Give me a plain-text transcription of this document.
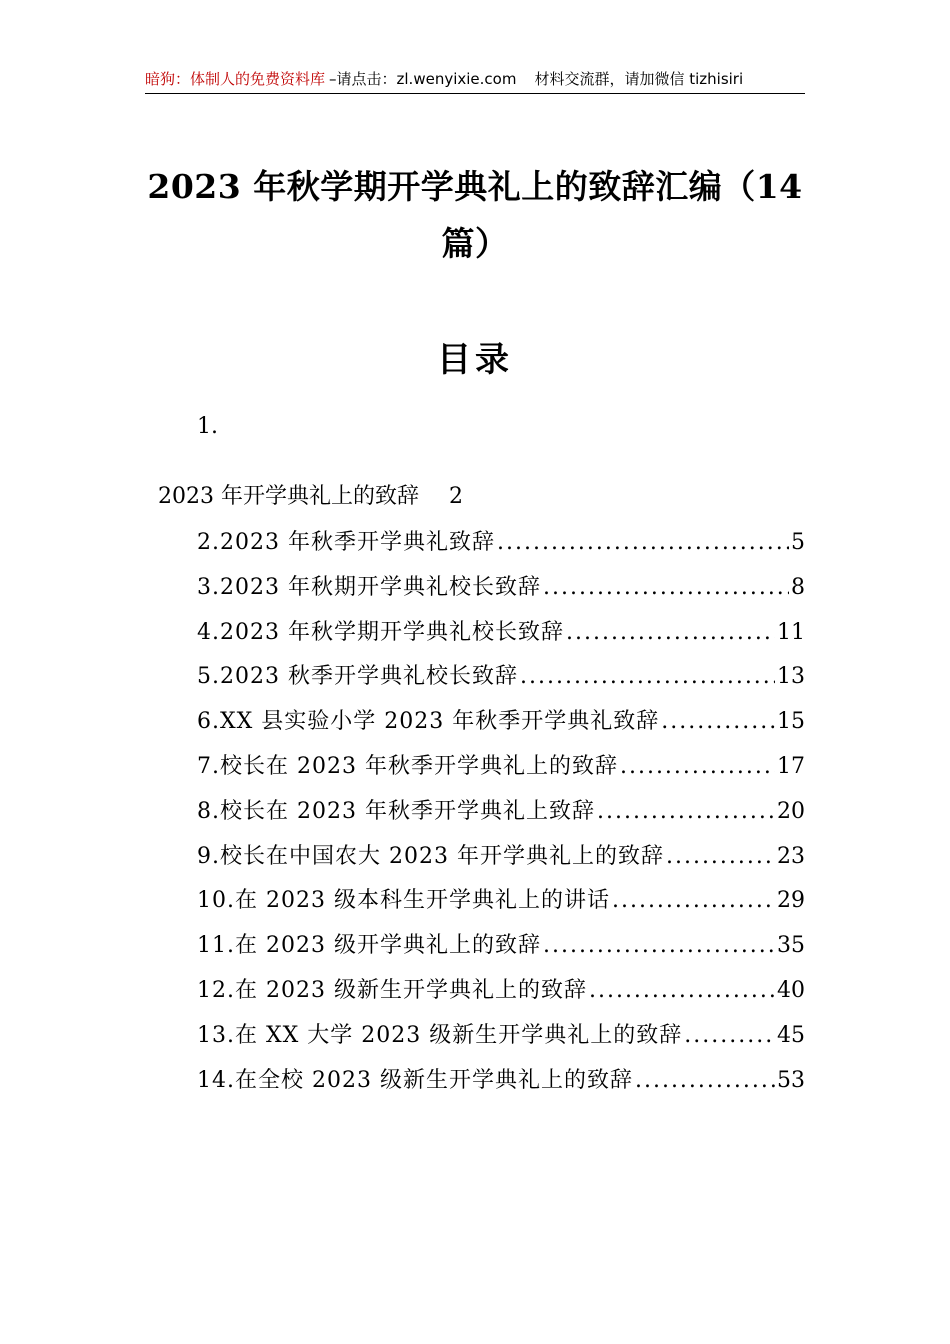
暗狗：体制人的免费资料库 –请点击：zl.wenyixie.com 材料交流群，请加微信 tizhisiri
2023 年秋学期开学典礼上的致辞汇编（14
篇）
目录
1.
2023 年开学典礼上的致辞 2
2.2023 年秋季开学典礼致辞 .....	5
3.2023 年秋期开学典礼校长致辞 .....	8
4.2023 年秋学期开学典礼校长致辞 .....	11
5.2023 秋季开学典礼校长致辞 .....	13
6.XX 县实验小学 2023 年秋季开学典礼致辞 .....	15
7.校长在 2023 年秋季开学典礼上的致辞 .....	17
8.校长在 2023 年秋季开学典礼上致辞 .....	20
9.校长在中国农大 2023 年开学典礼上的致辞 .....	23
10.在 2023 级本科生开学典礼上的讲话 .....	29
11.在 2023 级开学典礼上的致辞 .....	35
12.在 2023 级新生开学典礼上的致辞 .....	40
13.在 XX 大学 2023 级新生开学典礼上的致辞 .....	45
14.在全校 2023 级新生开学典礼上的致辞 .....	53
